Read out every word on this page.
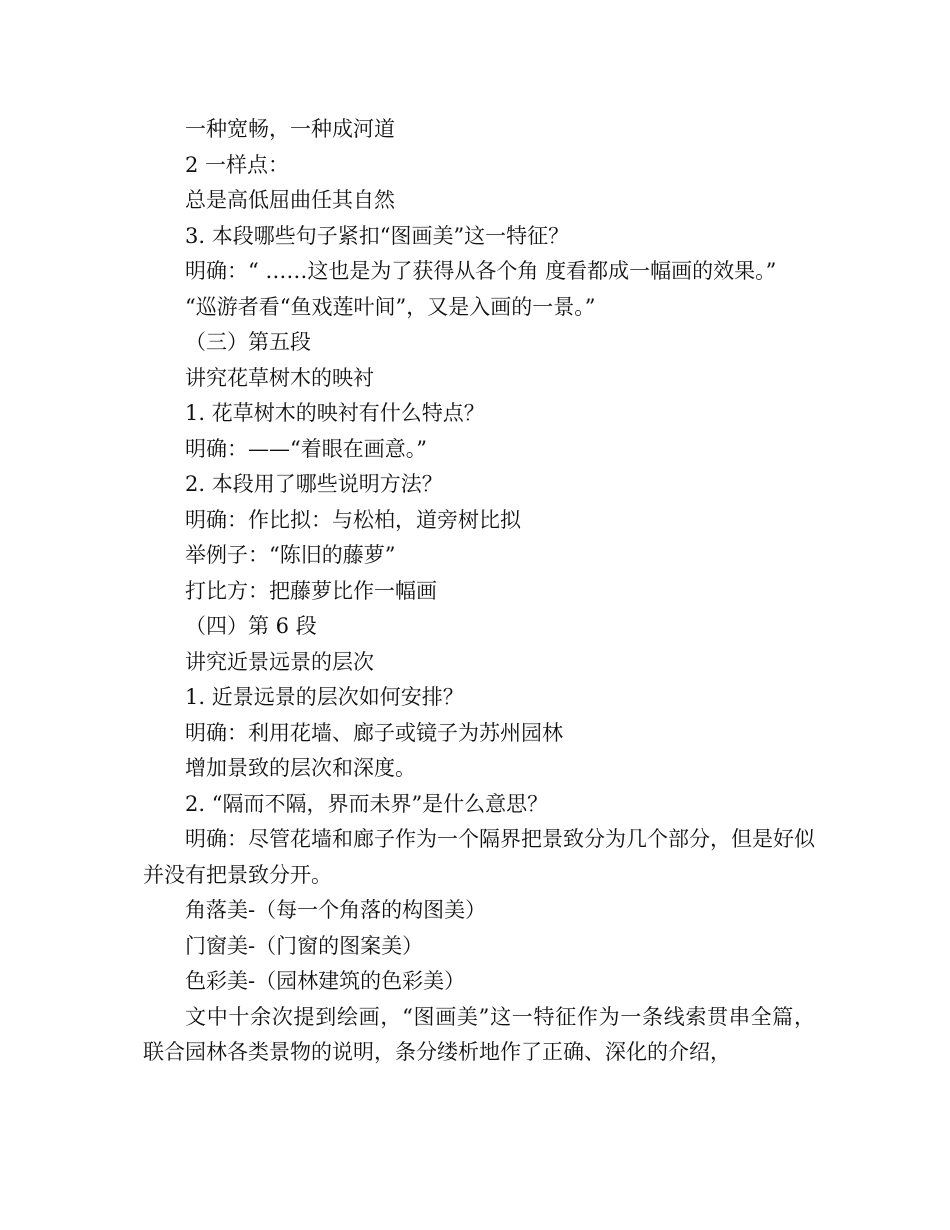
一种宽畅，一种成河道

2 一样点：

总是高低屈曲任其自然

3. 本段哪些句子紧扣“图画美”这一特征？

明确：“ ……这也是为了获得从各个角 度看都成一幅画的效果。”

“巡游者看“鱼戏莲叶间”，又是入画的一景。”

（三）第五段

讲究花草树木的映衬

1. 花草树木的映衬有什么特点？

明确：——“着眼在画意。”

2. 本段用了哪些说明方法？

明确：作比拟：与松柏，道旁树比拟

举例子：“陈旧的藤萝”

打比方：把藤萝比作一幅画

（四）第 6 段

讲究近景远景的层次

1. 近景远景的层次如何安排？

明确：利用花墙、廊子或镜子为苏州园林

增加景致的层次和深度。

2. “隔而不隔，界而未界”是什么意思？

明确：尽管花墙和廊子作为一个隔界把景致分为几个部分，但是好似并没有把景致分开。

角落美-（每一个角落的构图美）

门窗美-（门窗的图案美）

色彩美-（园林建筑的色彩美）

文中十余次提到绘画，“图画美”这一特征作为一条线索贯串全篇，联合园林各类景物的说明，条分缕析地作了正确、深化的介绍，
